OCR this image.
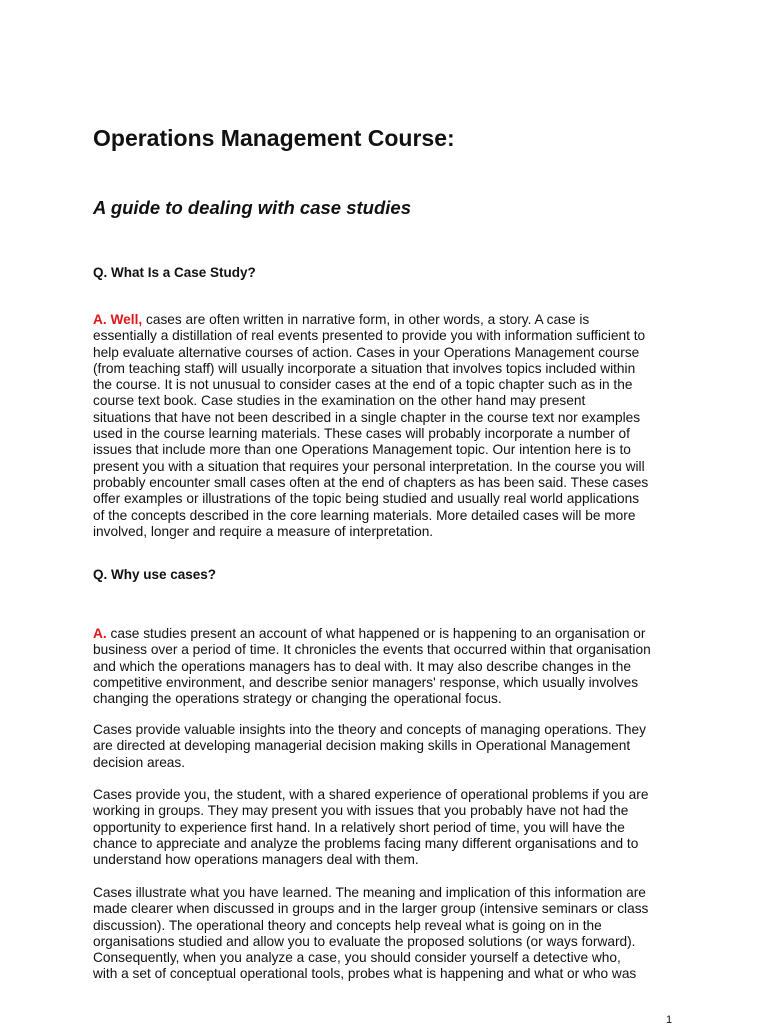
Operations Management Course:
A guide to dealing with case studies

Q. What Is a Case Study?

A. Well, cases are often written in narrative form, in other words, a story. A case is
essentially a distillation of real events presented to provide you with information sufficient to
help evaluate alternative courses of action. Cases in your Operations Management course
(from teaching staff) will usually incorporate a situation that involves topics included within
the course. It is not unusual to consider cases at the end of a topic chapter such as in the
course text book. Case studies in the examination on the other hand may present
situations that have not been described in a single chapter in the course text nor examples
used in the course learning materials. These cases will probably incorporate a number of
issues that include more than one Operations Management topic. Our intention here is to
present you with a situation that requires your personal interpretation. In the course you will
probably encounter small cases often at the end of chapters as has been said. These cases
offer examples or illustrations of the topic being studied and usually real world applications
of the concepts described in the core learning materials. More detailed cases will be more
involved, longer and require a measure of interpretation.

Q. Why use cases?

A. case studies present an account of what happened or is happening to an organisation or
business over a period of time. It chronicles the events that occurred within that organisation
and which the operations managers has to deal with. It may also describe changes in the
competitive environment, and describe senior managers' response, which usually involves
changing the operations strategy or changing the operational focus.
Cases provide valuable insights into the theory and concepts of managing operations. They
are directed at developing managerial decision making skills in Operational Management
decision areas.
Cases provide you, the student, with a shared experience of operational problems if you are
working in groups. They may present you with issues that you probably have not had the
opportunity to experience first hand. In a relatively short period of time, you will have the
chance to appreciate and analyze the problems facing many different organisations and to
understand how operations managers deal with them.
Cases illustrate what you have learned. The meaning and implication of this information are
made clearer when discussed in groups and in the larger group (intensive seminars or class
discussion). The operational theory and concepts help reveal what is going on in the
organisations studied and allow you to evaluate the proposed solutions (or ways forward).
Consequently, when you analyze a case, you should consider yourself a detective who,
with a set of conceptual operational tools, probes what is happening and what or who was
1
